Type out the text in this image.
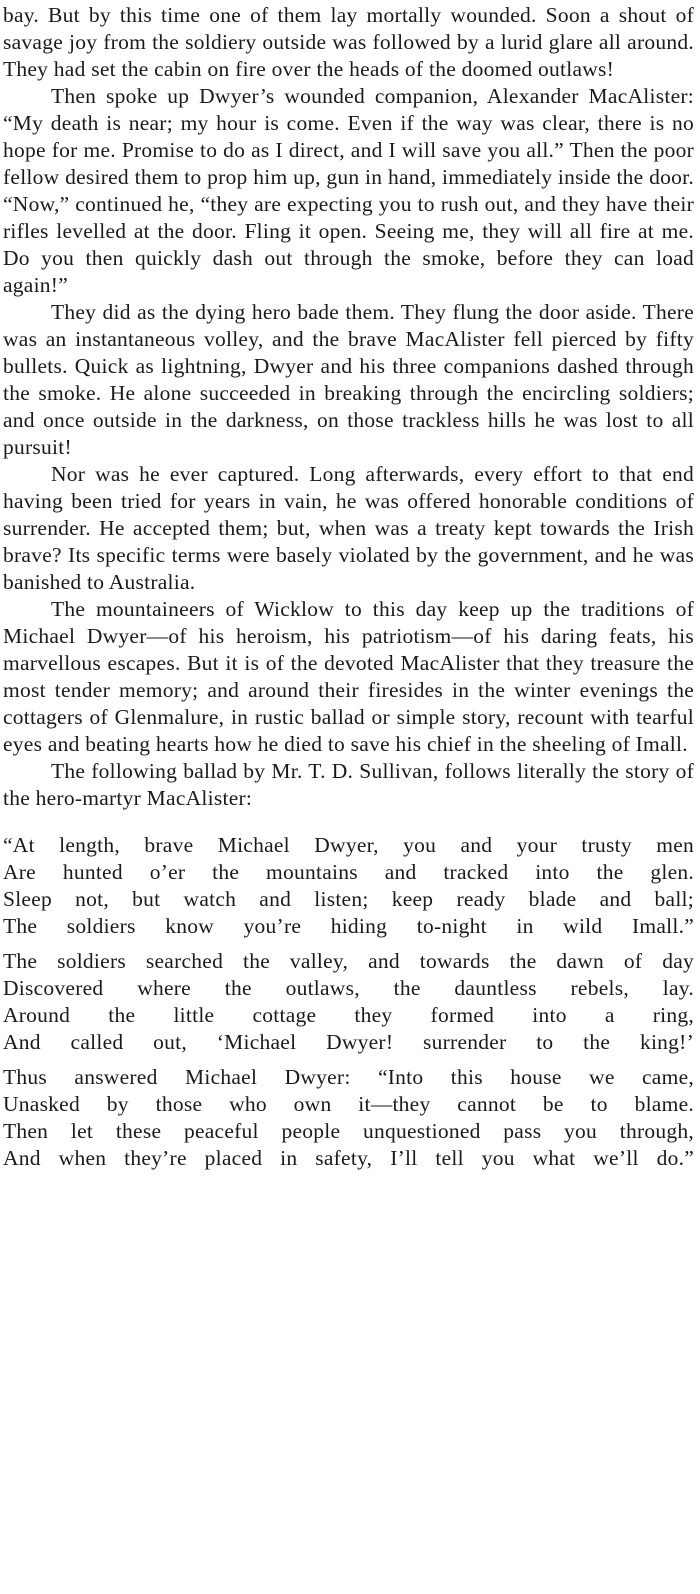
bay. But by this time one of them lay mortally wounded. Soon a shout of savage joy from the soldiery outside was followed by a lurid glare all around. They had set the cabin on fire over the heads of the doomed outlaws!

Then spoke up Dwyer’s wounded companion, Alexander MacAlister: “My death is near; my hour is come. Even if the way was clear, there is no hope for me. Promise to do as I direct, and I will save you all.” Then the poor fellow desired them to prop him up, gun in hand, immediately inside the door. “Now,” continued he, “they are expecting you to rush out, and they have their rifles levelled at the door. Fling it open. Seeing me, they will all fire at me. Do you then quickly dash out through the smoke, before they can load again!”

They did as the dying hero bade them. They flung the door aside. There was an instantaneous volley, and the brave MacAlister fell pierced by fifty bullets. Quick as lightning, Dwyer and his three companions dashed through the smoke. He alone succeeded in breaking through the encircling soldiers; and once outside in the darkness, on those trackless hills he was lost to all pursuit!

Nor was he ever captured. Long afterwards, every effort to that end having been tried for years in vain, he was offered honorable conditions of surrender. He accepted them; but, when was a treaty kept towards the Irish brave? Its specific terms were basely violated by the government, and he was banished to Australia.

The mountaineers of Wicklow to this day keep up the traditions of Michael Dwyer—of his heroism, his patriotism—of his daring feats, his marvellous escapes. But it is of the devoted MacAlister that they treasure the most tender memory; and around their firesides in the winter evenings the cottagers of Glenmalure, in rustic ballad or simple story, recount with tearful eyes and beating hearts how he died to save his chief in the sheeling of Imall.

The following ballad by Mr. T. D. Sullivan, follows literally the story of the hero-martyr MacAlister:

“At length, brave Michael Dwyer, you and your trusty men
Are hunted o’er the mountains and tracked into the glen.
Sleep not, but watch and listen; keep ready blade and ball;
The soldiers know you’re hiding to-night in wild Imall.”
The soldiers searched the valley, and towards the dawn of day
Discovered where the outlaws, the dauntless rebels, lay.
Around the little cottage they formed into a ring,
And called out, ‘Michael Dwyer! surrender to the king!’
Thus answered Michael Dwyer: “Into this house we came,
Unasked by those who own it—they cannot be to blame.
Then let these peaceful people unquestioned pass you through,
And when they’re placed in safety, I’ll tell you what we’ll do.”
